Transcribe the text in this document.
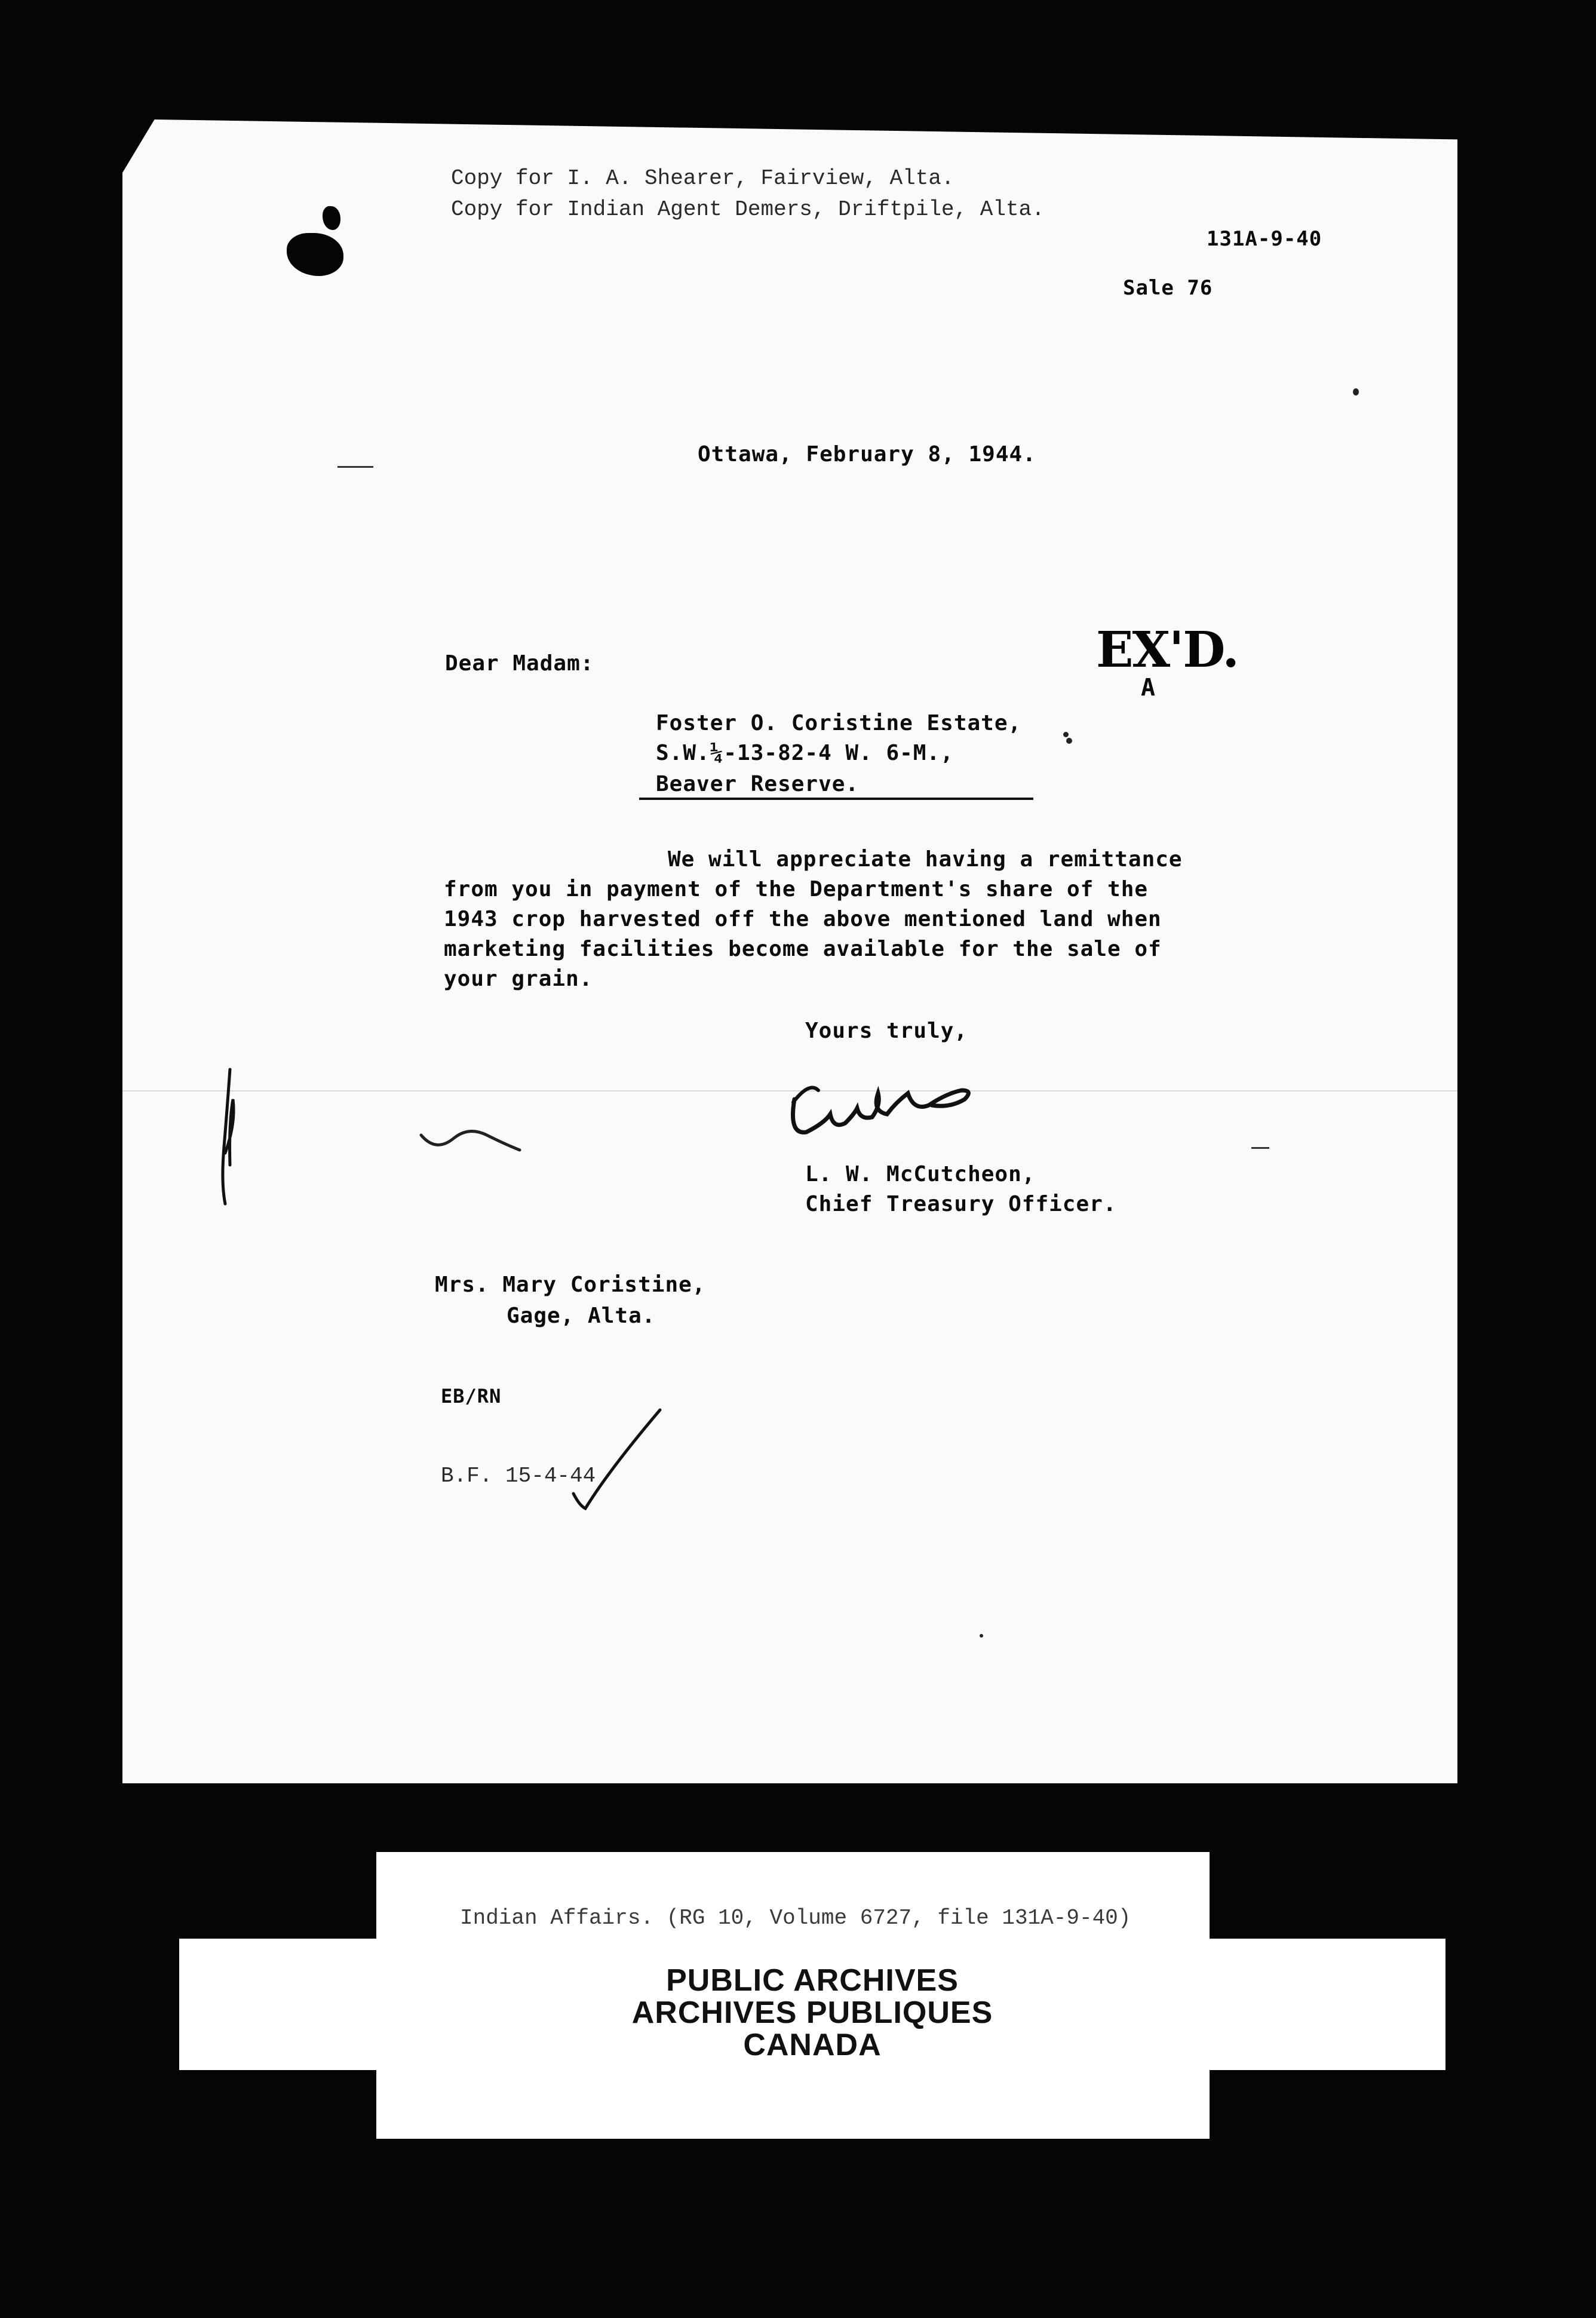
Copy for I. A. Shearer, Fairview, Alta.
Copy for Indian Agent Demers, Driftpile, Alta.
131A-9-40
Sale 76
Ottawa, February 8, 1944.
EX'D.
A
Dear Madam:
Foster O. Coristine Estate,
S.W.¼-13-82-4 W. 6-M.,
Beaver Reserve.
We will appreciate having a remittance
from you in payment of the Department's share of the
1943 crop harvested off the above mentioned land when
marketing facilities become available for the sale of
your grain.
Yours truly,
L. W. McCutcheon,
Chief Treasury Officer.
Mrs. Mary Coristine,
Gage, Alta.
EB/RN
B.F. 15-4-44
Indian Affairs. (RG 10, Volume 6727, file 131A-9-40)
PUBLIC ARCHIVES
ARCHIVES PUBLIQUES
CANADA
